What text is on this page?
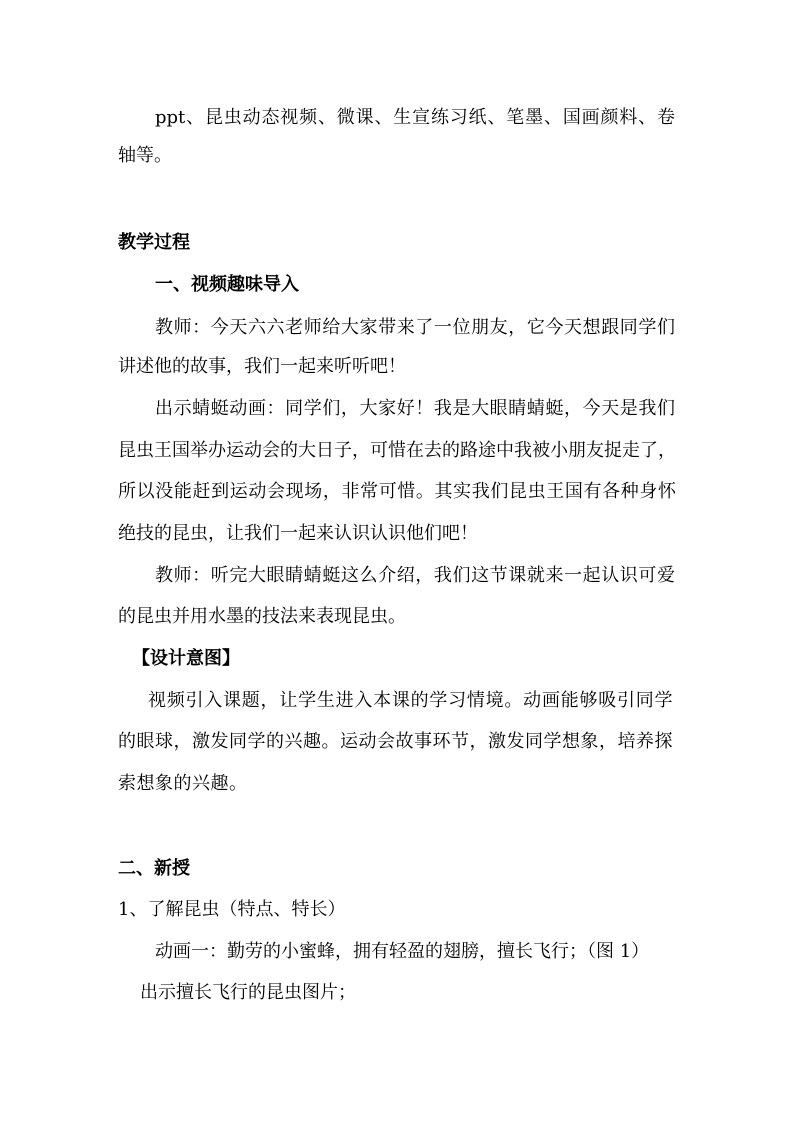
ppt、昆虫动态视频、微课、生宣练习纸、笔墨、国画颜料、卷
轴等。
教学过程
一、视频趣味导入
教师：今天六六老师给大家带来了一位朋友，它今天想跟同学们
讲述他的故事，我们一起来听听吧！
出示蜻蜓动画：同学们，大家好！我是大眼睛蜻蜓，今天是我们
昆虫王国举办运动会的大日子，可惜在去的路途中我被小朋友捉走了，
所以没能赶到运动会现场，非常可惜。其实我们昆虫王国有各种身怀
绝技的昆虫，让我们一起来认识认识他们吧！
教师：听完大眼睛蜻蜓这么介绍，我们这节课就来一起认识可爱
的昆虫并用水墨的技法来表现昆虫。
【设计意图】
视频引入课题，让学生进入本课的学习情境。动画能够吸引同学
的眼球，激发同学的兴趣。运动会故事环节，激发同学想象，培养探
索想象的兴趣。
二、新授
1、了解昆虫（特点、特长）
动画一：勤劳的小蜜蜂，拥有轻盈的翅膀，擅长飞行；（图 1）
出示擅长飞行的昆虫图片；
